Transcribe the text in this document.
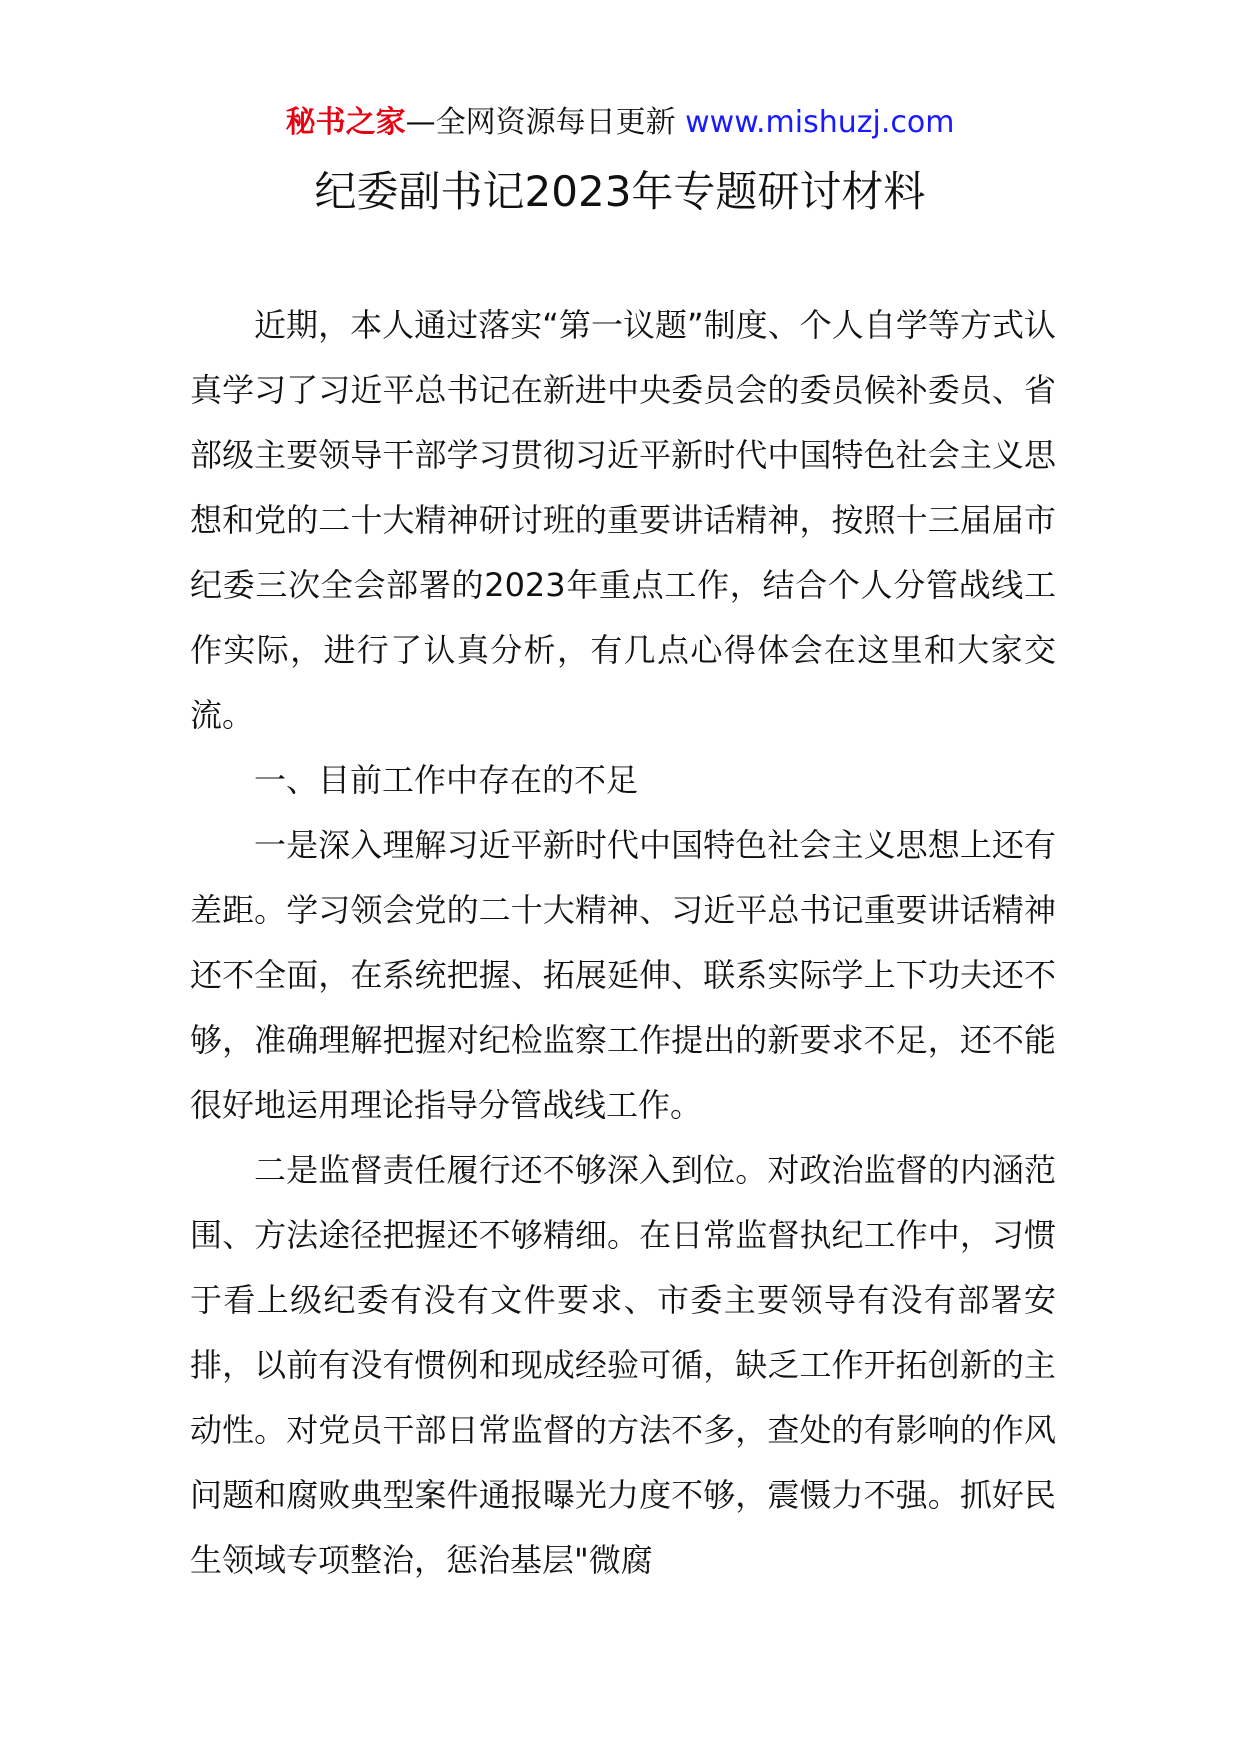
秘书之家—全网资源每日更新 www.mishuzj.com
纪委副书记2023年专题研讨材料

近期，本人通过落实“第一议题”制度、个人自学等方式认真学习了习近平总书记在新进中央委员会的委员候补委员、省部级主要领导干部学习贯彻习近平新时代中国特色社会主义思想和党的二十大精神研讨班的重要讲话精神，按照十三届届市纪委三次全会部署的2023年重点工作，结合个人分管战线工作实际，进行了认真分析，有几点心得体会在这里和大家交流。

一、目前工作中存在的不足

一是深入理解习近平新时代中国特色社会主义思想上还有差距。学习领会党的二十大精神、习近平总书记重要讲话精神还不全面，在系统把握、拓展延伸、联系实际学上下功夫还不够，准确理解把握对纪检监察工作提出的新要求不足，还不能很好地运用理论指导分管战线工作。

二是监督责任履行还不够深入到位。对政治监督的内涵范围、方法途径把握还不够精细。在日常监督执纪工作中，习惯于看上级纪委有没有文件要求、市委主要领导有没有部署安排，以前有没有惯例和现成经验可循，缺乏工作开拓创新的主动性。对党员干部日常监督的方法不多，查处的有影响的作风问题和腐败典型案件通报曝光力度不够，震慑力不强。抓好民生领域专项整治，惩治基层"微腐
